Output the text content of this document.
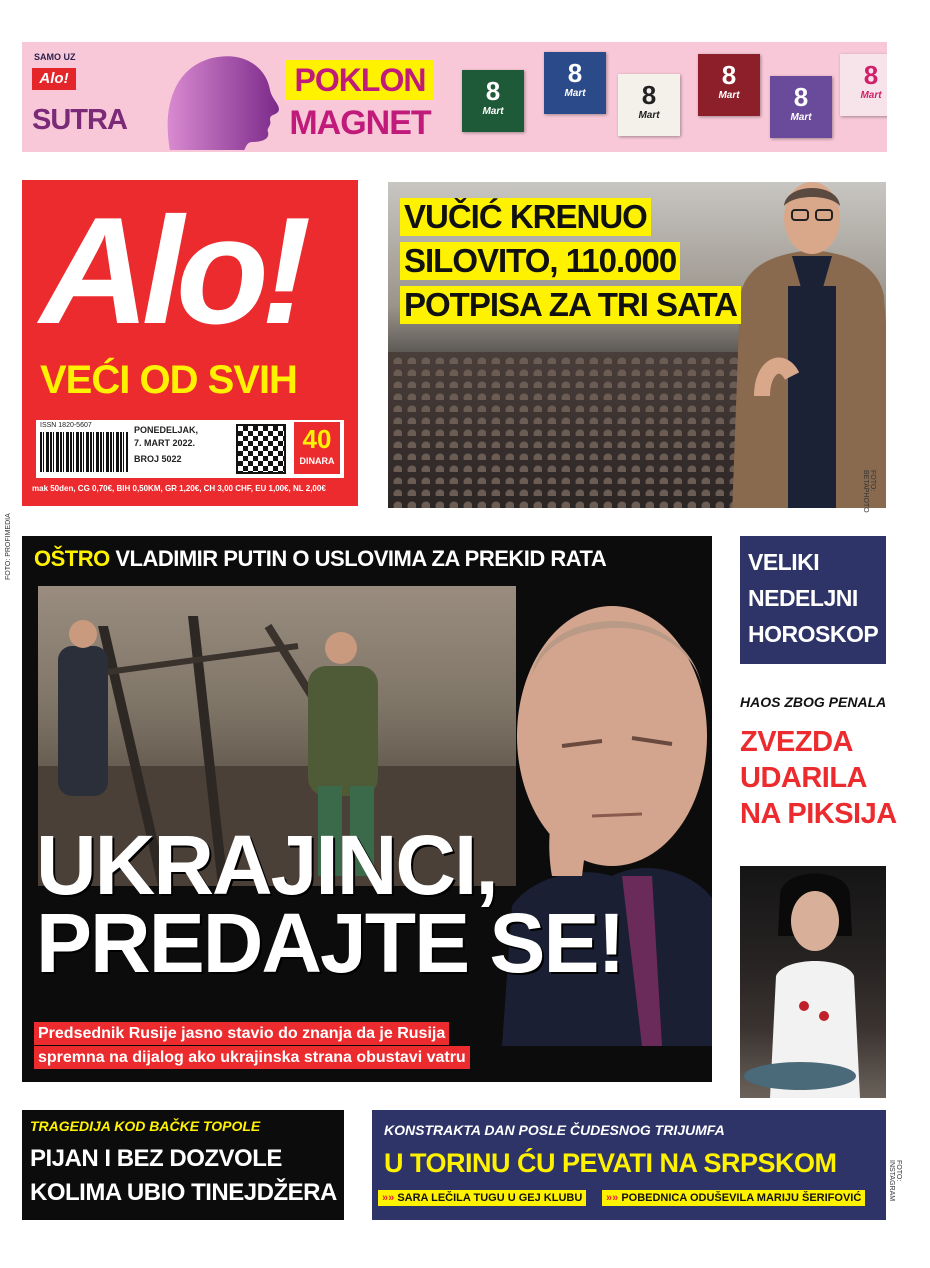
SAMO UZ
Alo!
SUTRA
POKLON
MAGNET
8
Mart
8
Mart	8
Mart
8
Mart	8
Mart
8
Mart
Alo!
VEĆI OD SVIH
ISSN 1820-5607	PONEDELJAK,
7. MART 2022.
BROJ 5022
40
DINARA
mak 50den, CG 0,70€, BIH 0,50KM, GR 1,20€, CH 3,00 CHF, EU 1,00€, NL 2,00€
VUČIĆ KRENUO
SILOVITO, 110.000
POTPISA ZA TRI SATA
FOTO: BETAPHOTO
OŠTRO VLADIMIR PUTIN O USLOVIMA ZA PREKID RATA
UKRAJINCI,
PREDAJTE SE!
Predsednik Rusije jasno stavio do znanja da je Rusija
spremna na dijalog ako ukrajinska strana obustavi vatru
FOTO: PROFIMEDIA	VELIKI
NEDELJNI
HOROSKOP
HAOS ZBOG PENALA
ZVEZDA
UDARILA
NA PIKSIJA
TRAGEDIJA KOD BAČKE TOPOLE
PIJAN I BEZ DOZVOLE
KOLIMA UBIO TINEJDŽERA
KONSTRAKTA DAN POSLE ČUDESNOG TRIJUMFA
U TORINU ĆU PEVATI NA SRPSKOM
»» SARA LEČILA TUGU U GEJ KLUBU	»» POBEDNICA ODUŠEVILA MARIJU ŠERIFOVIĆ
FOTO: INSTAGRAM
